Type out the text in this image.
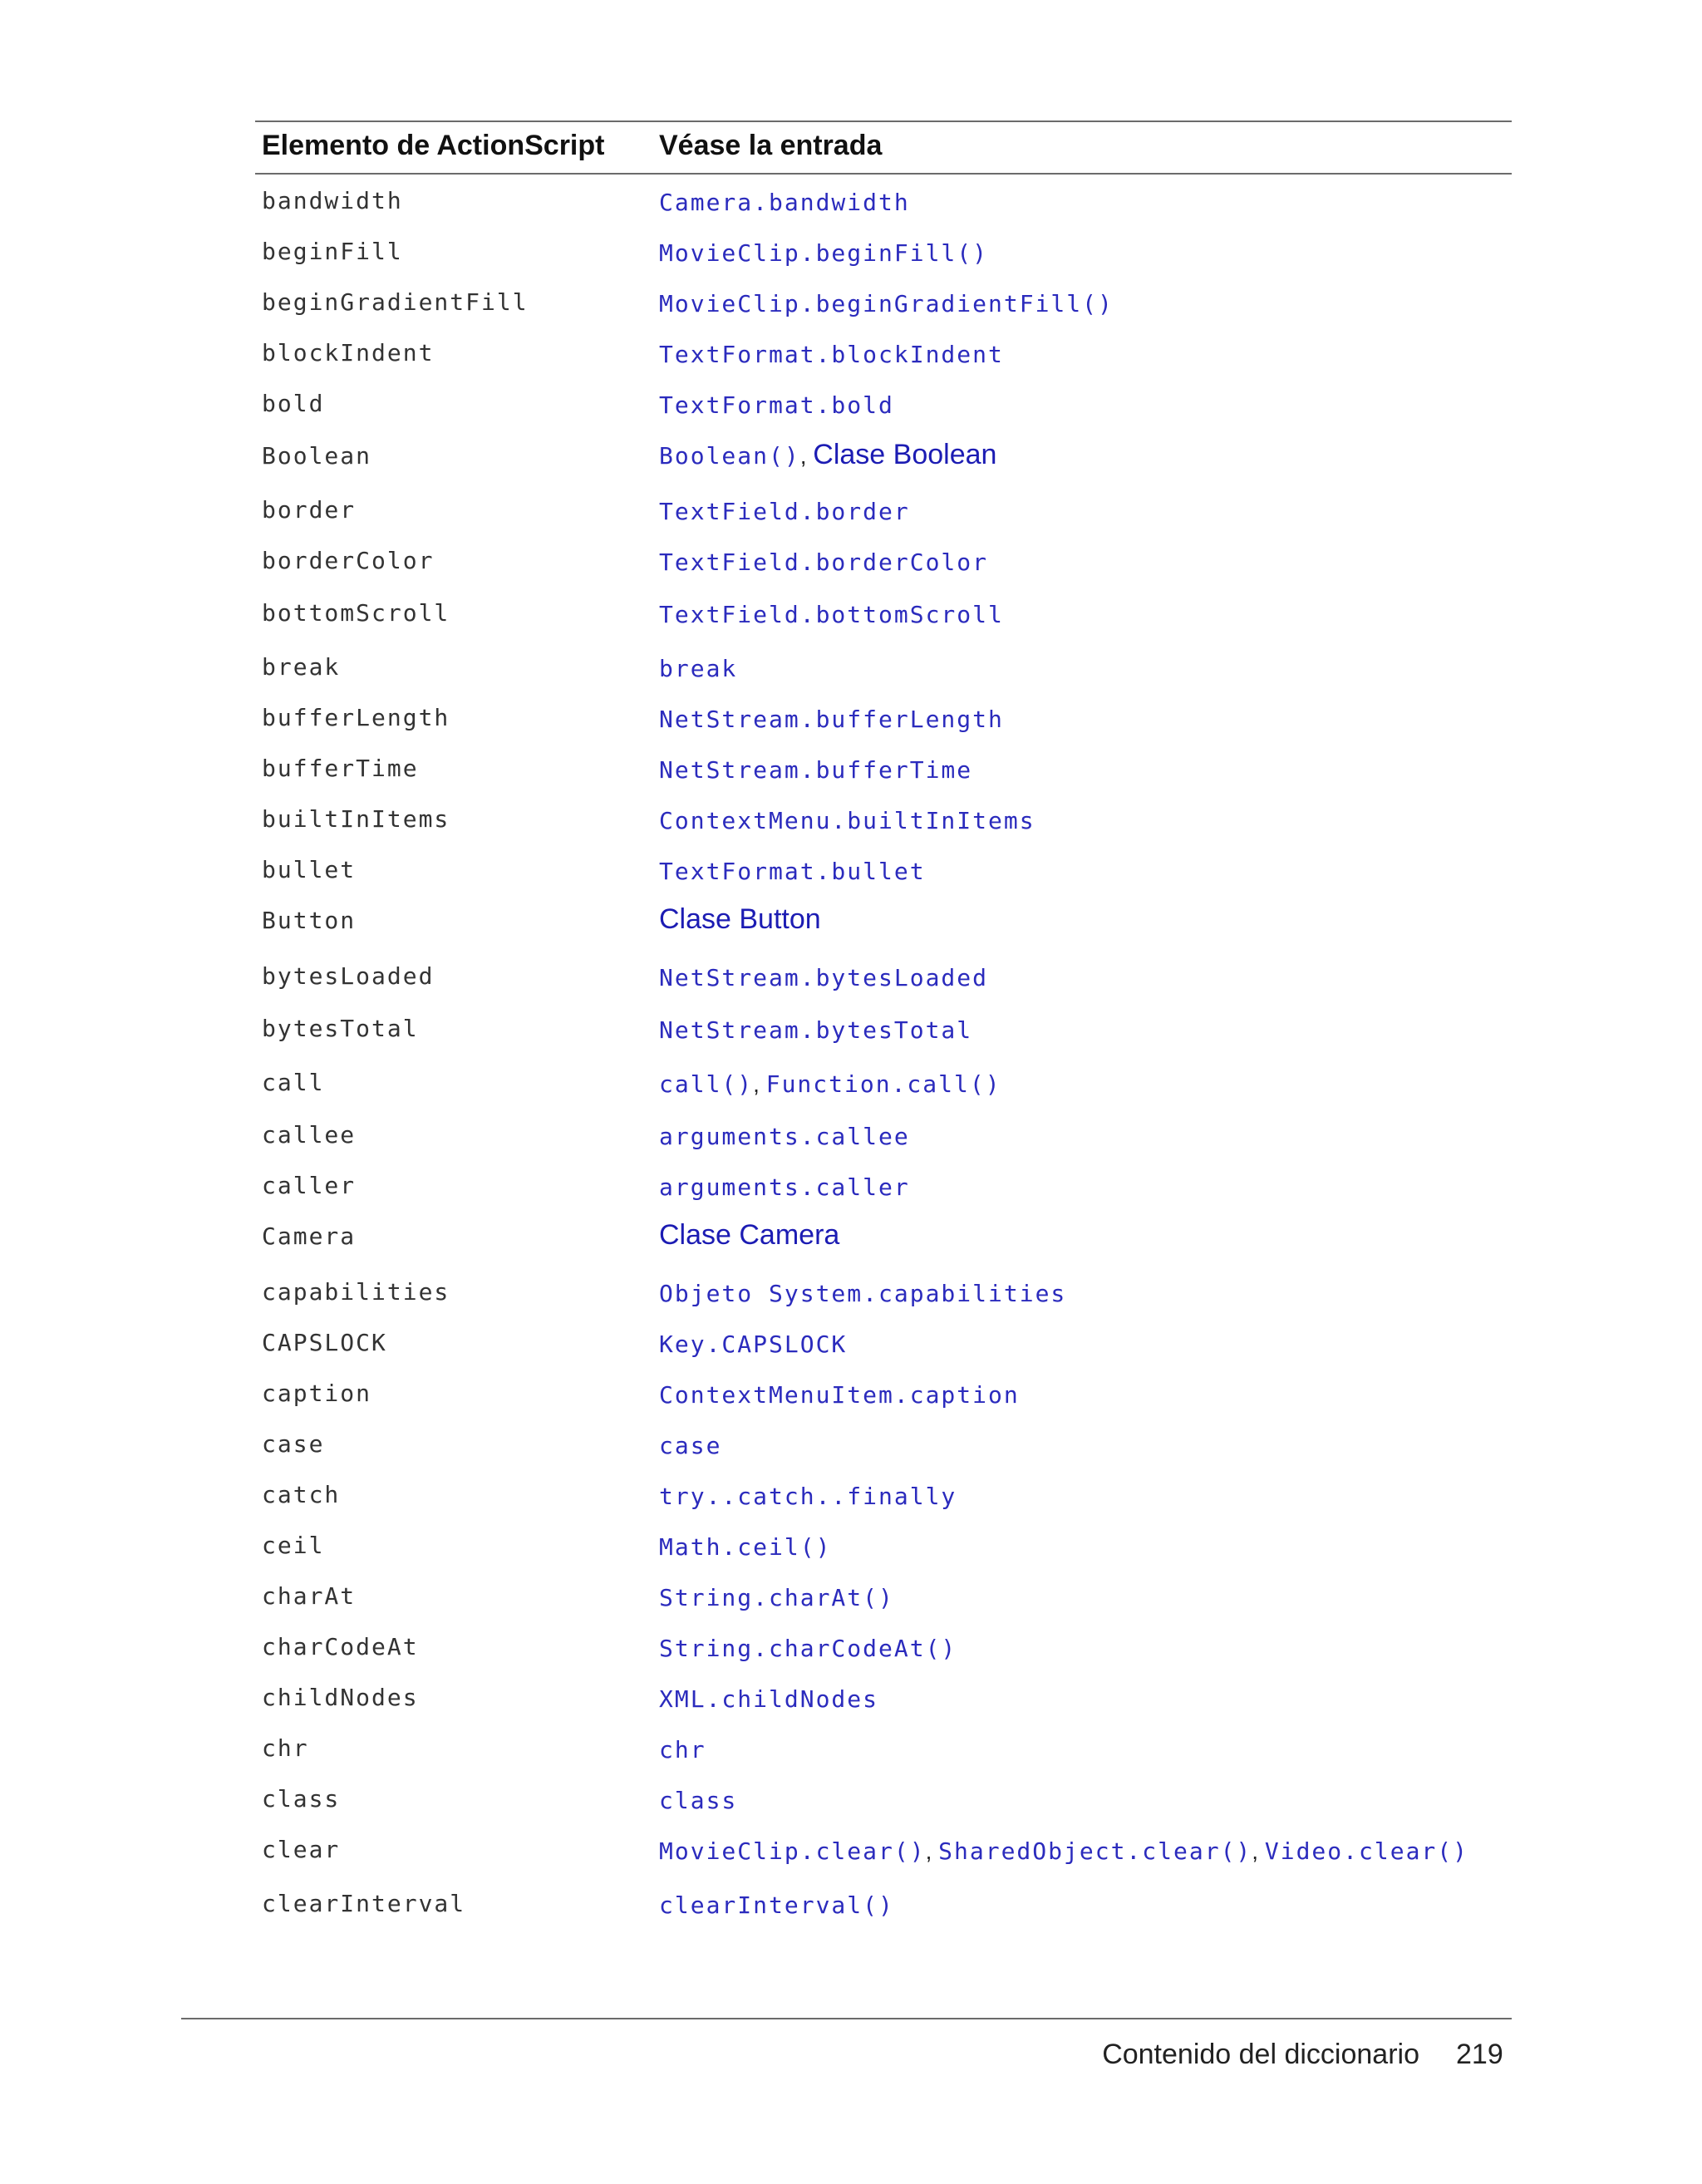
Elemento de ActionScript Véase la entrada
bandwidth	Camera.bandwidth
beginFill	MovieClip.beginFill()
beginGradientFill	MovieClip.beginGradientFill()
blockIndent	TextFormat.blockIndent
bold	TextFormat.bold
Boolean	Boolean(), Clase Boolean
border	TextField.border
borderColor	TextField.borderColor
bottomScroll	TextField.bottomScroll
break	break
bufferLength	NetStream.bufferLength
bufferTime	NetStream.bufferTime
builtInItems	ContextMenu.builtInItems
bullet	TextFormat.bullet
Button	Clase Button
bytesLoaded	NetStream.bytesLoaded
bytesTotal	NetStream.bytesTotal
call	call(), Function.call()
callee	arguments.callee
caller	arguments.caller
Camera	Clase Camera
capabilities	Objeto System.capabilities
CAPSLOCK	Key.CAPSLOCK
caption	ContextMenuItem.caption
case	case
catch	try..catch..finally
ceil	Math.ceil()
charAt	String.charAt()
charCodeAt	String.charCodeAt()
childNodes	XML.childNodes
chr	chr
class	class
clear	MovieClip.clear(), SharedObject.clear(), Video.clear()
clearInterval	clearInterval()
Contenido del diccionario 219
